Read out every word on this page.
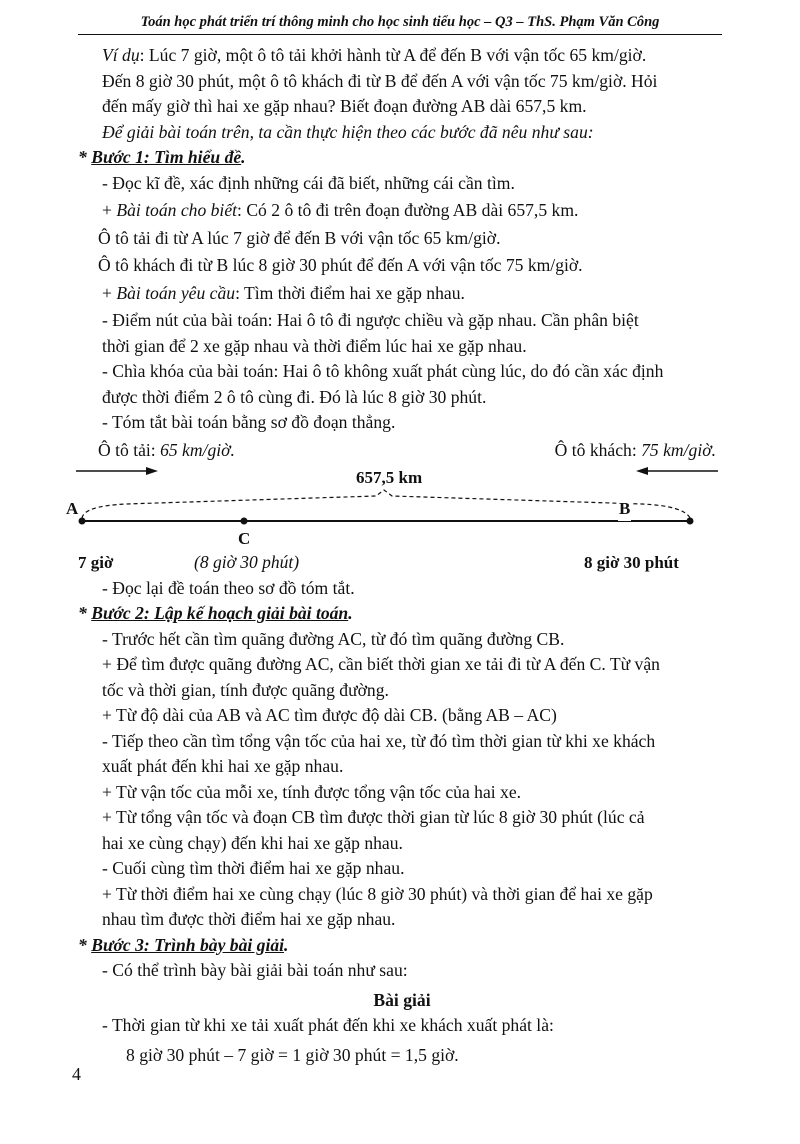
Toán học phát triển trí thông minh cho học sinh tiểu học – Q3 – ThS. Phạm Văn Công

Ví dụ: Lúc 7 giờ, một ô tô tải khởi hành từ A để đến B với vận tốc 65 km/giờ.

Đến 8 giờ 30 phút, một ô tô khách đi từ B để đến A với vận tốc 75 km/giờ. Hỏi

đến mấy giờ thì hai xe gặp nhau? Biết đoạn đường AB dài 657,5 km.

Để giải bài toán trên, ta cần thực hiện theo các bước đã nêu như sau:

* Bước 1: Tìm hiểu đề.

- Đọc kĩ đề, xác định những cái đã biết, những cái cần tìm.

+ Bài toán cho biết: Có 2 ô tô đi trên đoạn đường AB dài 657,5 km.

Ô tô tải đi từ A lúc 7 giờ để đến B với vận tốc 65 km/giờ.

Ô tô khách đi từ B lúc 8 giờ 30 phút để đến A với vận tốc 75 km/giờ.

+ Bài toán yêu cầu: Tìm thời điểm hai xe gặp nhau.

- Điểm nút của bài toán: Hai ô tô đi ngược chiều và gặp nhau. Cần phân biệt

thời gian để 2 xe gặp nhau và thời điểm lúc hai xe gặp nhau.

- Chìa khóa của bài toán: Hai ô tô không xuất phát cùng lúc, do đó cần xác định

được thời điểm 2 ô tô cùng đi. Đó là lúc 8 giờ 30 phút.

- Tóm tắt bài toán bằng sơ đồ đoạn thẳng.

Ô tô tải: 65 km/giờ.	Ô tô khách: 75 km/giờ.
657,5 km
A	B
C
7 giờ	(8 giờ 30 phút)	8 giờ 30 phút

- Đọc lại đề toán theo sơ đồ tóm tắt.

* Bước 2: Lập kế hoạch giải bài toán.

- Trước hết cần tìm quãng đường AC, từ đó tìm quãng đường CB.

+ Để tìm được quãng đường AC, cần biết thời gian xe tải đi từ A đến C. Từ vận

tốc và thời gian, tính được quãng đường.

+ Từ độ dài của AB và AC tìm được độ dài CB. (bằng AB – AC)

- Tiếp theo cần tìm tổng vận tốc của hai xe, từ đó tìm thời gian từ khi xe khách

xuất phát đến khi hai xe gặp nhau.

+ Từ vận tốc của mỗi xe, tính được tổng vận tốc của hai xe.

+ Từ tổng vận tốc và đoạn CB tìm được thời gian từ lúc 8 giờ 30 phút (lúc cả

hai xe cùng chạy) đến khi hai xe gặp nhau.

- Cuối cùng tìm thời điểm hai xe gặp nhau.

+ Từ thời điểm hai xe cùng chạy (lúc 8 giờ 30 phút) và thời gian để hai xe gặp

nhau tìm được thời điểm hai xe gặp nhau.

* Bước 3: Trình bày bài giải.

- Có thể trình bày bài giải bài toán như sau:

Bài giải

- Thời gian từ khi xe tải xuất phát đến khi xe khách xuất phát là:

8 giờ 30 phút – 7 giờ = 1 giờ 30 phút = 1,5 giờ.

4
